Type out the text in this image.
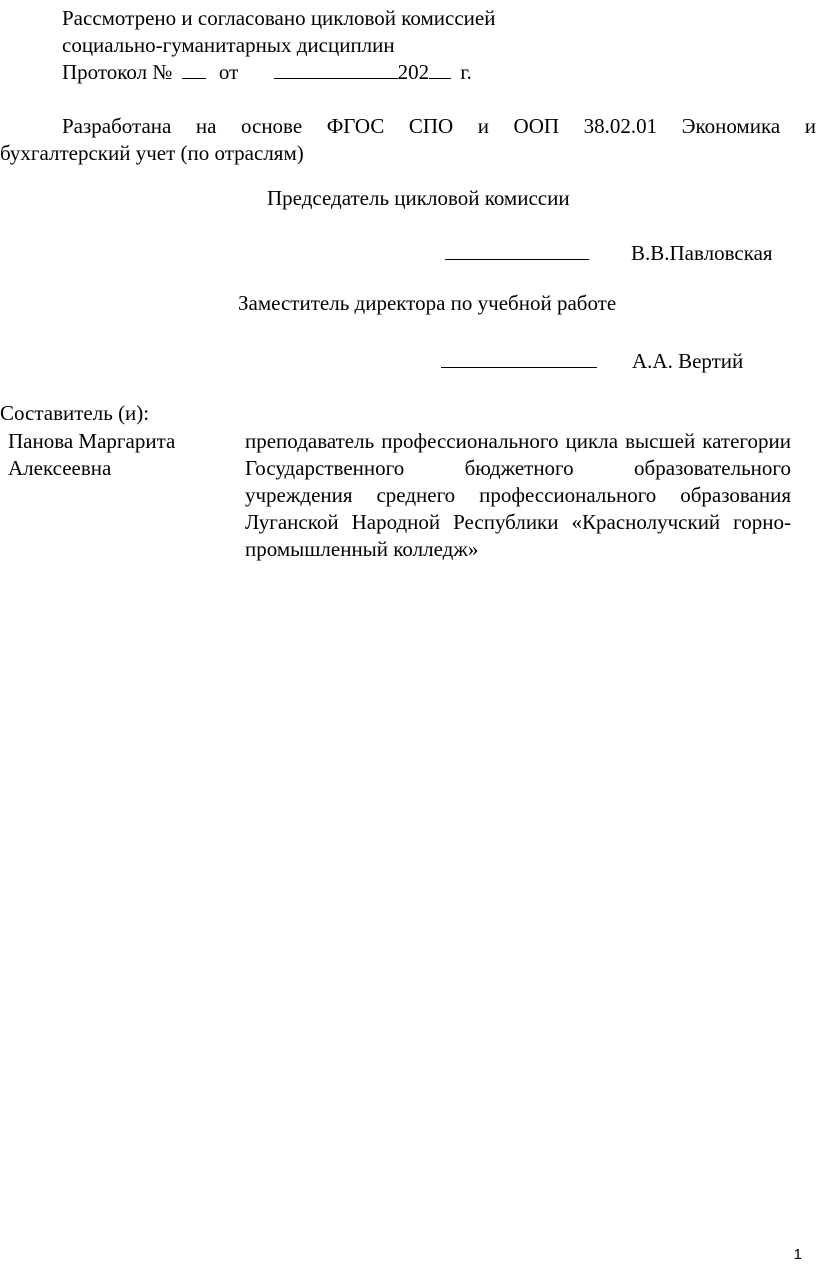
Рассмотрено и согласовано цикловой комиссией
социально-гуманитарных дисциплин
Протокол № от	202 г.
Разработана на основе ФГОС СПО и ООП 38.02.01 Экономика и
бухгалтерский учет (по отраслям)
Председатель цикловой комиссии
В.В.Павловская
Заместитель директора по учебной работе
А.А. Вертий
Составитель (и):
Панова Маргарита
Алексеевна
преподаватель профессионального цикла высшей категории Государственного бюджетного образовательного учреждения среднего профессионального образования Луганской Народной Республики «Краснолучский горно-промышленный колледж»
1
